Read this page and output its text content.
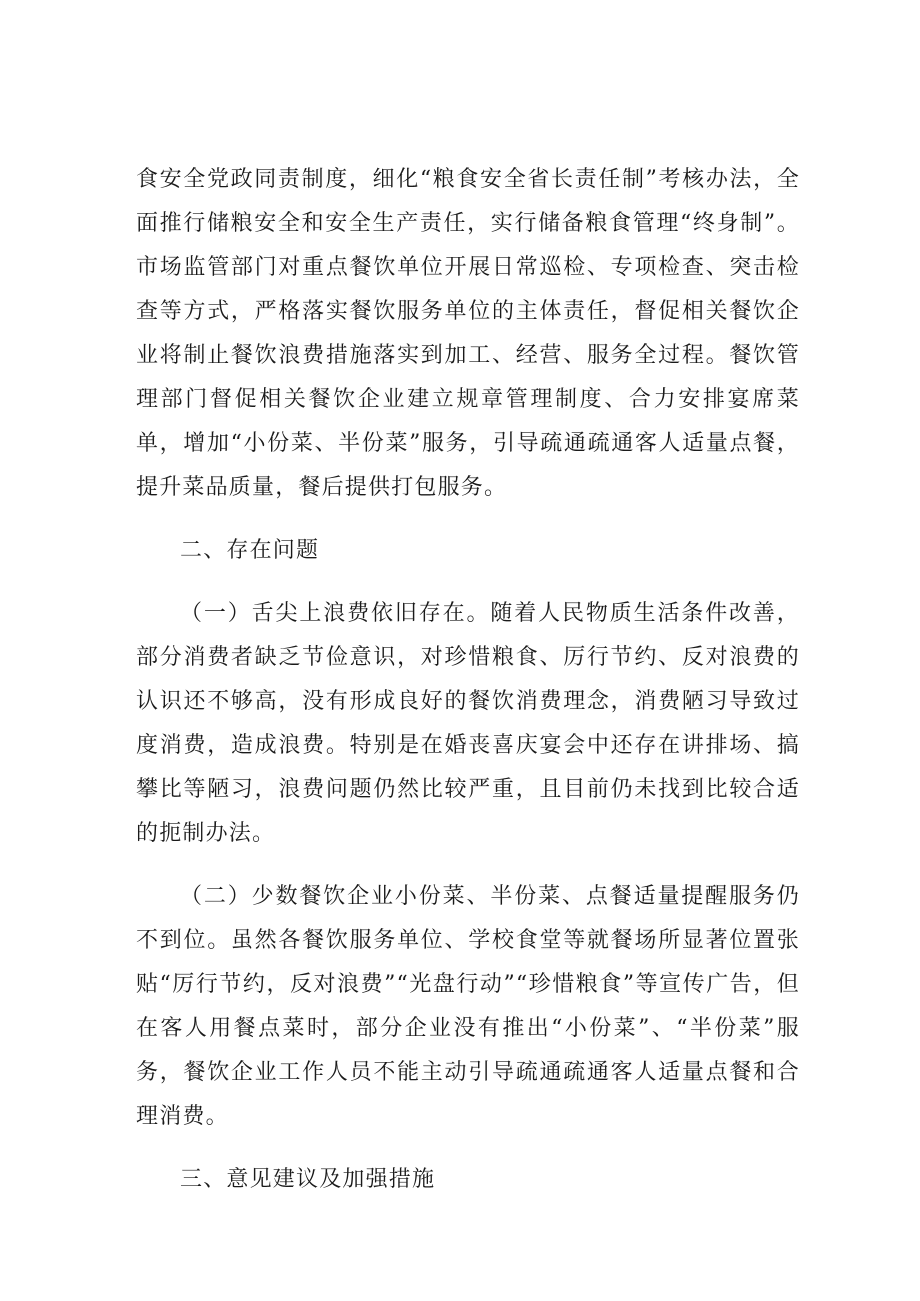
食安全党政同责制度，细化“粮食安全省长责任制”考核办法，全面推行储粮安全和安全生产责任，实行储备粮食管理“终身制”。市场监管部门对重点餐饮单位开展日常巡检、专项检查、突击检查等方式，严格落实餐饮服务单位的主体责任，督促相关餐饮企业将制止餐饮浪费措施落实到加工、经营、服务全过程。餐饮管理部门督促相关餐饮企业建立规章管理制度、合力安排宴席菜单，增加“小份菜、半份菜”服务，引导疏通疏通客人适量点餐，提升菜品质量，餐后提供打包服务。

二、存在问题

（一）舌尖上浪费依旧存在。随着人民物质生活条件改善，部分消费者缺乏节俭意识，对珍惜粮食、厉行节约、反对浪费的认识还不够高，没有形成良好的餐饮消费理念，消费陋习导致过度消费，造成浪费。特别是在婚丧喜庆宴会中还存在讲排场、搞攀比等陋习，浪费问题仍然比较严重，且目前仍未找到比较合适的扼制办法。

（二）少数餐饮企业小份菜、半份菜、点餐适量提醒服务仍不到位。虽然各餐饮服务单位、学校食堂等就餐场所显著位置张贴“厉行节约，反对浪费”“光盘行动”“珍惜粮食”等宣传广告，但在客人用餐点菜时，部分企业没有推出“小份菜”、“半份菜”服务，餐饮企业工作人员不能主动引导疏通疏通客人适量点餐和合理消费。

三、意见建议及加强措施
